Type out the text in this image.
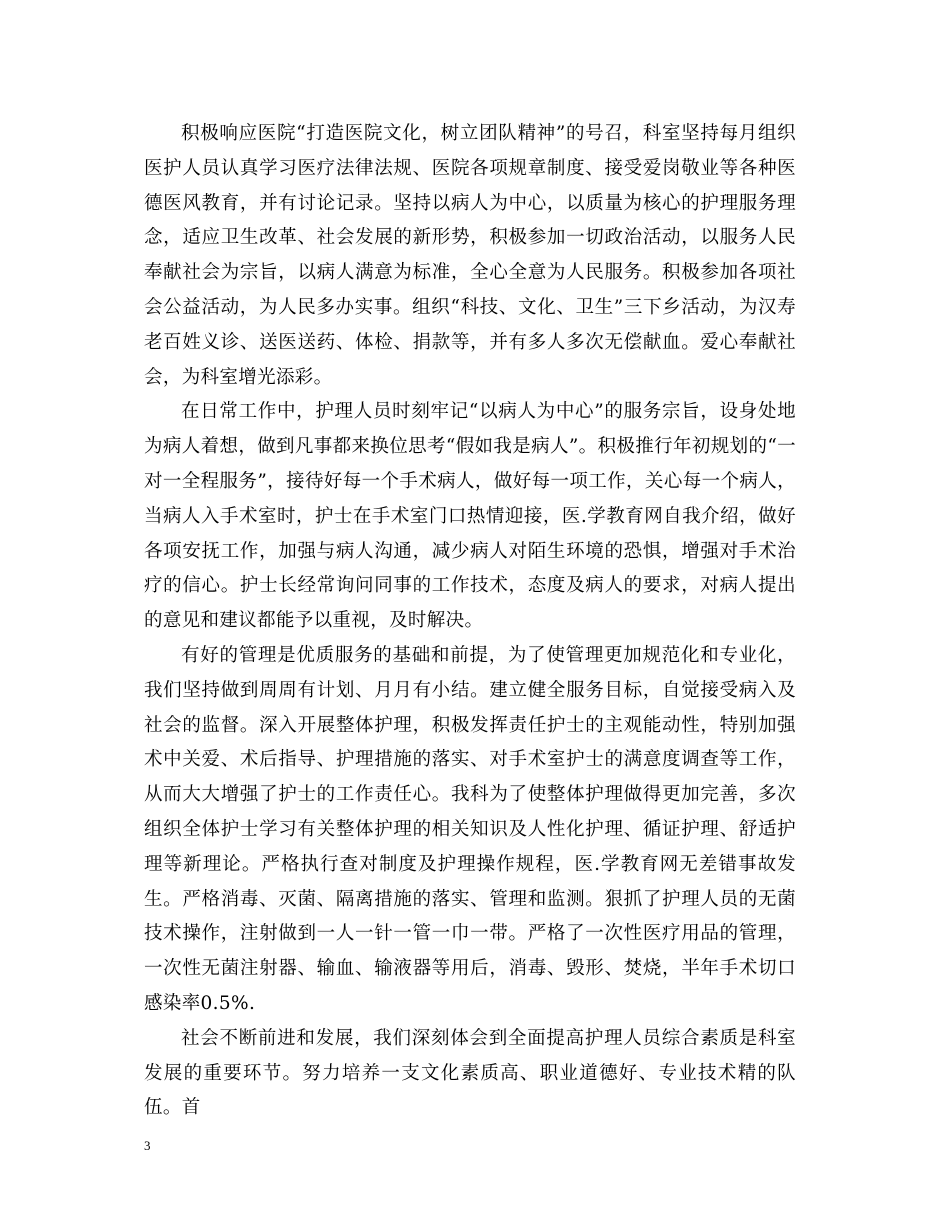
积极响应医院“打造医院文化，树立团队精神”的号召，科室坚持每月组织医护人员认真学习医疗法律法规、医院各项规章制度、接受爱岗敬业等各种医德医风教育，并有讨论记录。坚持以病人为中心，以质量为核心的护理服务理念，适应卫生改革、社会发展的新形势，积极参加一切政治活动，以服务人民奉献社会为宗旨，以病人满意为标准，全心全意为人民服务。积极参加各项社会公益活动，为人民多办实事。组织“科技、文化、卫生”三下乡活动，为汉寿老百姓义诊、送医送药、体检、捐款等，并有多人多次无偿献血。爱心奉献社会，为科室增光添彩。

在日常工作中，护理人员时刻牢记“以病人为中心”的服务宗旨，设身处地为病人着想，做到凡事都来换位思考“假如我是病人”。积极推行年初规划的“一对一全程服务”，接待好每一个手术病人，做好每一项工作，关心每一个病人，当病人入手术室时，护士在手术室门口热情迎接，医.学教育网自我介绍，做好各项安抚工作，加强与病人沟通，减少病人对陌生环境的恐惧，增强对手术治疗的信心。护士长经常询问同事的工作技术，态度及病人的要求，对病人提出的意见和建议都能予以重视，及时解决。

有好的管理是优质服务的基础和前提，为了使管理更加规范化和专业化，我们坚持做到周周有计划、月月有小结。建立健全服务目标，自觉接受病入及社会的监督。深入开展整体护理，积极发挥责任护士的主观能动性，特别加强术中关爱、术后指导、护理措施的落实、对手术室护士的满意度调查等工作，从而大大增强了护士的工作责任心。我科为了使整体护理做得更加完善，多次组织全体护士学习有关整体护理的相关知识及人性化护理、循证护理、舒适护理等新理论。严格执行查对制度及护理操作规程，医.学教育网无差错事故发生。严格消毒、灭菌、隔离措施的落实、管理和监测。狠抓了护理人员的无菌技术操作，注射做到一人一针一管一巾一带。严格了一次性医疗用品的管理，一次性无菌注射器、输血、输液器等用后，消毒、毁形、焚烧，半年手术切口感染率0.5%.

社会不断前进和发展，我们深刻体会到全面提高护理人员综合素质是科室发展的重要环节。努力培养一支文化素质高、职业道德好、专业技术精的队伍。首

3
